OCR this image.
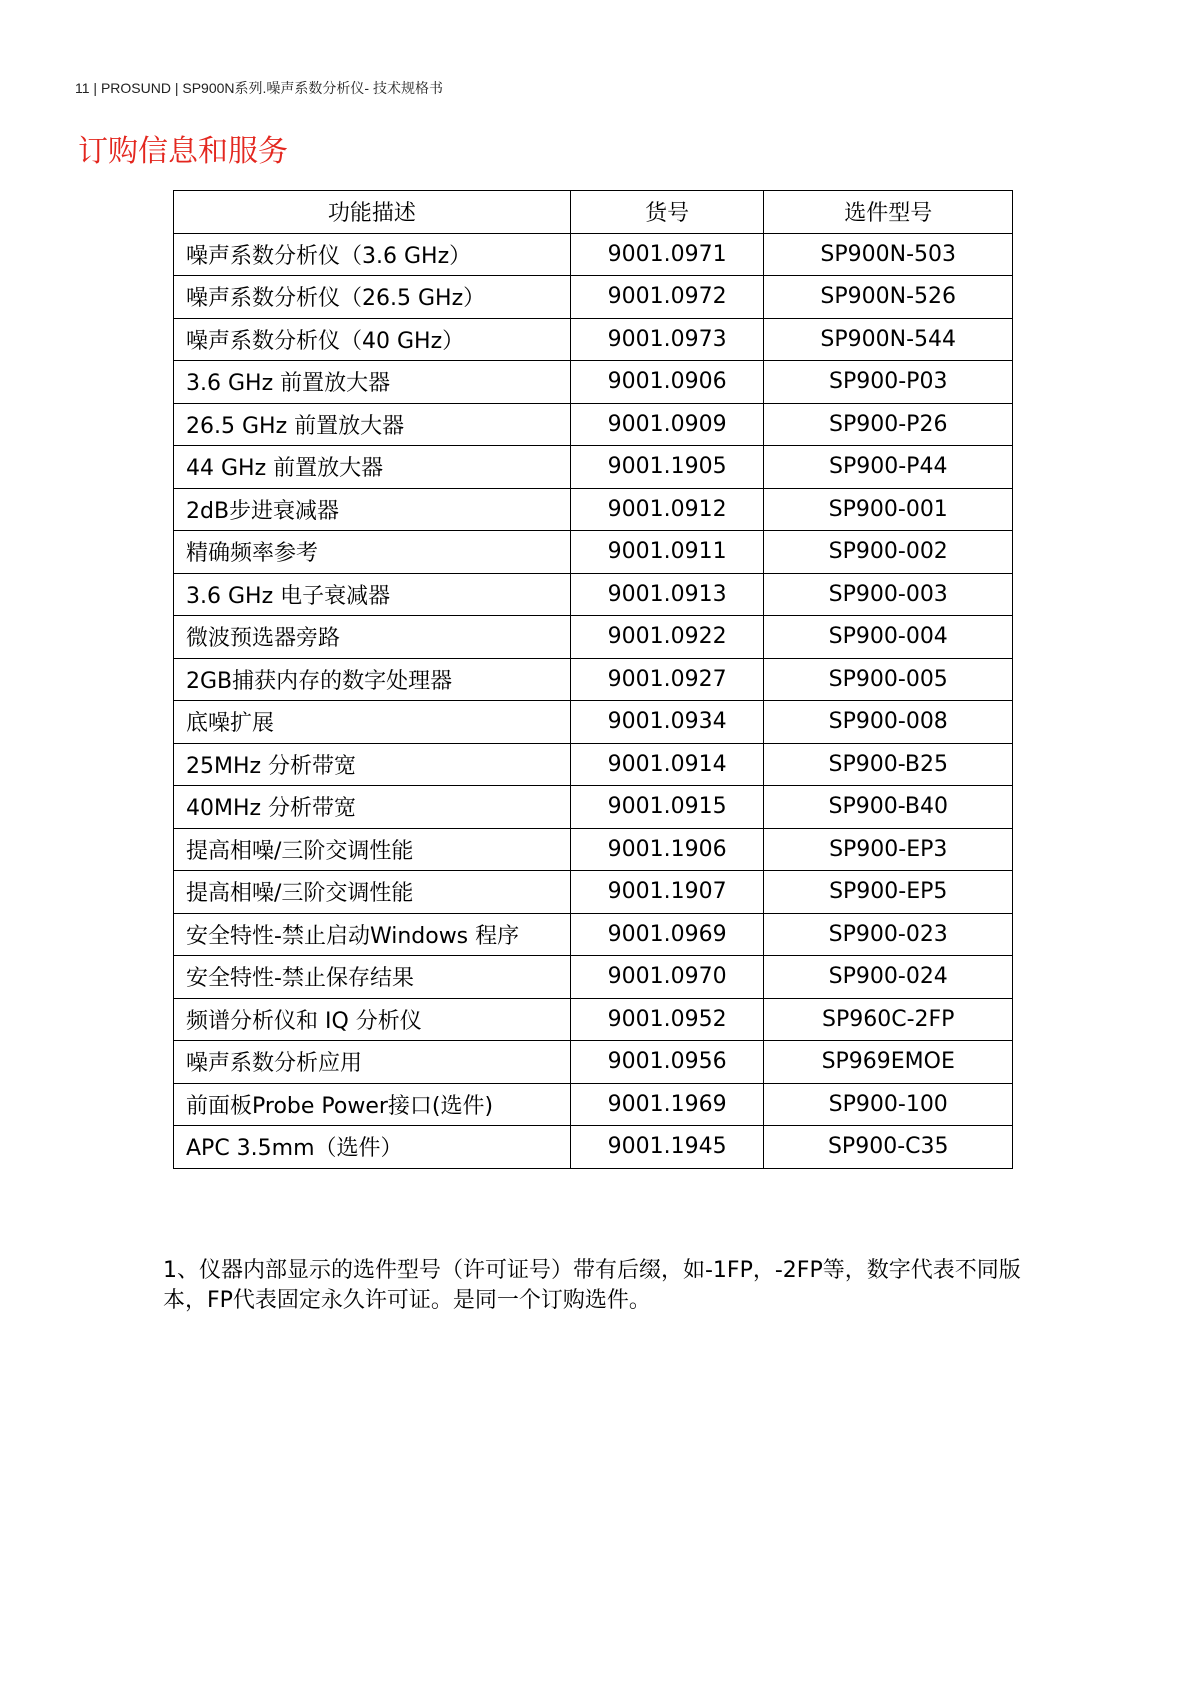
11 | PROSUND | SP900N系列.噪声系数分析仪- 技术规格书
订购信息和服务
功能描述	货号	选件型号
噪声系数分析仪（3.6 GHz）	9001.0971	SP900N-503
噪声系数分析仪（26.5 GHz）	9001.0972	SP900N-526
噪声系数分析仪（40 GHz）	9001.0973	SP900N-544
3.6 GHz 前置放大器	9001.0906	SP900-P03
26.5 GHz 前置放大器	9001.0909	SP900-P26
44 GHz 前置放大器	9001.1905	SP900-P44
2dB步进衰减器	9001.0912	SP900-001
精确频率参考	9001.0911	SP900-002
3.6 GHz 电子衰减器	9001.0913	SP900-003
微波预选器旁路	9001.0922	SP900-004
2GB捕获内存的数字处理器	9001.0927	SP900-005
底噪扩展	9001.0934	SP900-008
25MHz 分析带宽	9001.0914	SP900-B25
40MHz 分析带宽	9001.0915	SP900-B40
提高相噪/三阶交调性能	9001.1906	SP900-EP3
提高相噪/三阶交调性能	9001.1907	SP900-EP5
安全特性-禁止启动Windows 程序	9001.0969	SP900-023
安全特性-禁止保存结果	9001.0970	SP900-024
频谱分析仪和 IQ 分析仪	9001.0952	SP960C-2FP
噪声系数分析应用	9001.0956	SP969EMOE
前面板Probe Power接口(选件)	9001.1969	SP900-100
APC 3.5mm（选件）	9001.1945	SP900-C35

1、仪器内部显示的选件型号（许可证号）带有后缀，如-1FP，-2FP等，数字代表不同版本，FP代表固定永久许可证。是同一个订购选件。
